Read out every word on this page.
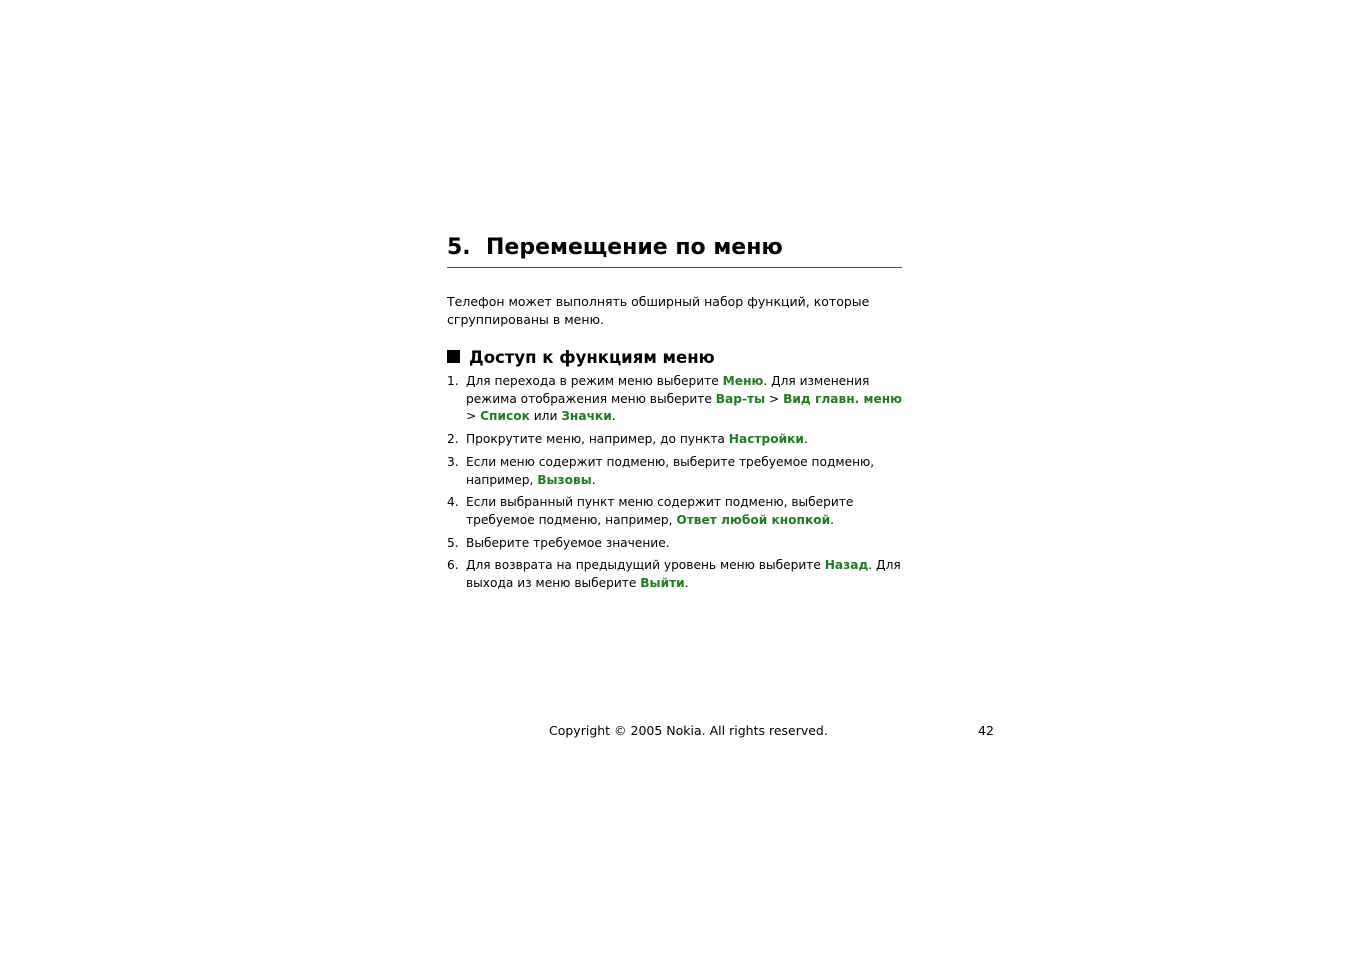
5. Перемещение по меню
Телефон может выполнять обширный набор функций, которые сгруппированы в меню.
Доступ к функциям меню
1. Для перехода в режим меню выберите Меню. Для изменения режима отображения меню выберите Вар-ты > Вид главн. меню > Список или Значки.
2. Прокрутите меню, например, до пункта Настройки.
3. Если меню содержит подменю, выберите требуемое подменю, например, Вызовы.
4. Если выбранный пункт меню содержит подменю, выберите требуемое подменю, например, Ответ любой кнопкой.
5. Выберите требуемое значение.
6. Для возврата на предыдущий уровень меню выберите Назад. Для выхода из меню выберите Выйти.
Copyright © 2005 Nokia. All rights reserved.	42
